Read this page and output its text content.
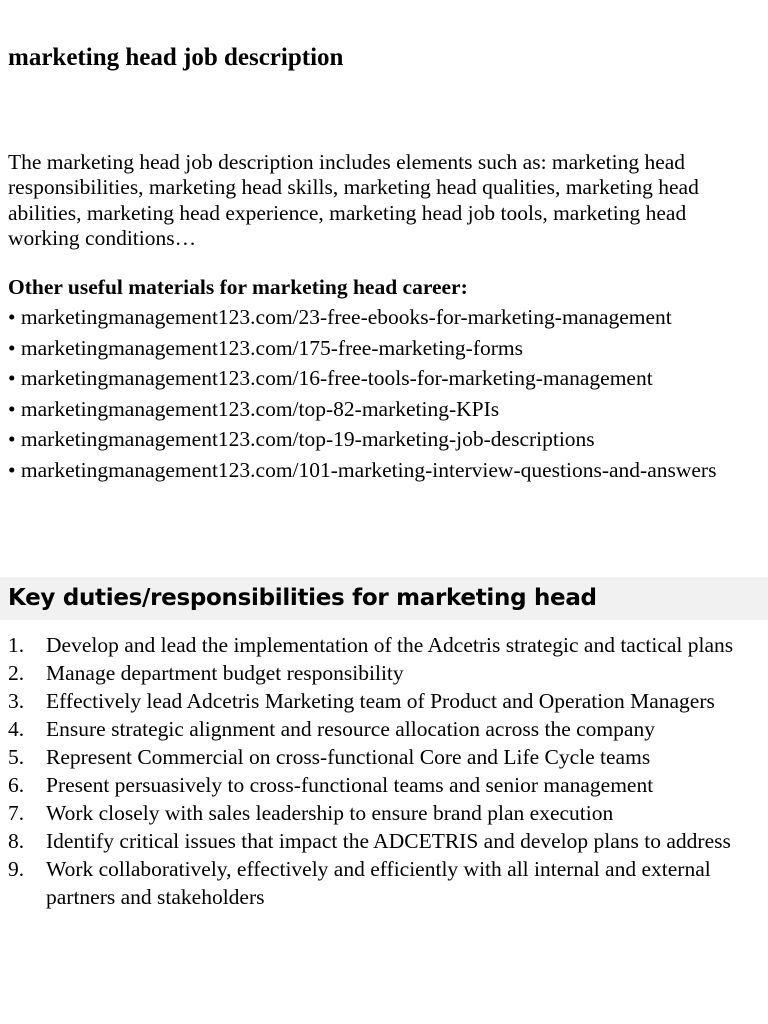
marketing head job description

The marketing head job description includes elements such as: marketing head responsibilities, marketing head skills, marketing head qualities, marketing head abilities, marketing head experience, marketing head job tools, marketing head working conditions…

Other useful materials for marketing head career:
• marketingmanagement123.com/23-free-ebooks-for-marketing-management
• marketingmanagement123.com/175-free-marketing-forms
• marketingmanagement123.com/16-free-tools-for-marketing-management
• marketingmanagement123.com/top-82-marketing-KPIs
• marketingmanagement123.com/top-19-marketing-job-descriptions
• marketingmanagement123.com/101-marketing-interview-questions-and-answers
Key duties/responsibilities for marketing head
1. Develop and lead the implementation of the Adcetris strategic and tactical plans
2. Manage department budget responsibility
3. Effectively lead Adcetris Marketing team of Product and Operation Managers
4. Ensure strategic alignment and resource allocation across the company
5. Represent Commercial on cross-functional Core and Life Cycle teams
6. Present persuasively to cross-functional teams and senior management
7. Work closely with sales leadership to ensure brand plan execution
8. Identify critical issues that impact the ADCETRIS and develop plans to address
9. Work collaboratively, effectively and efficiently with all internal and external partners and stakeholders
